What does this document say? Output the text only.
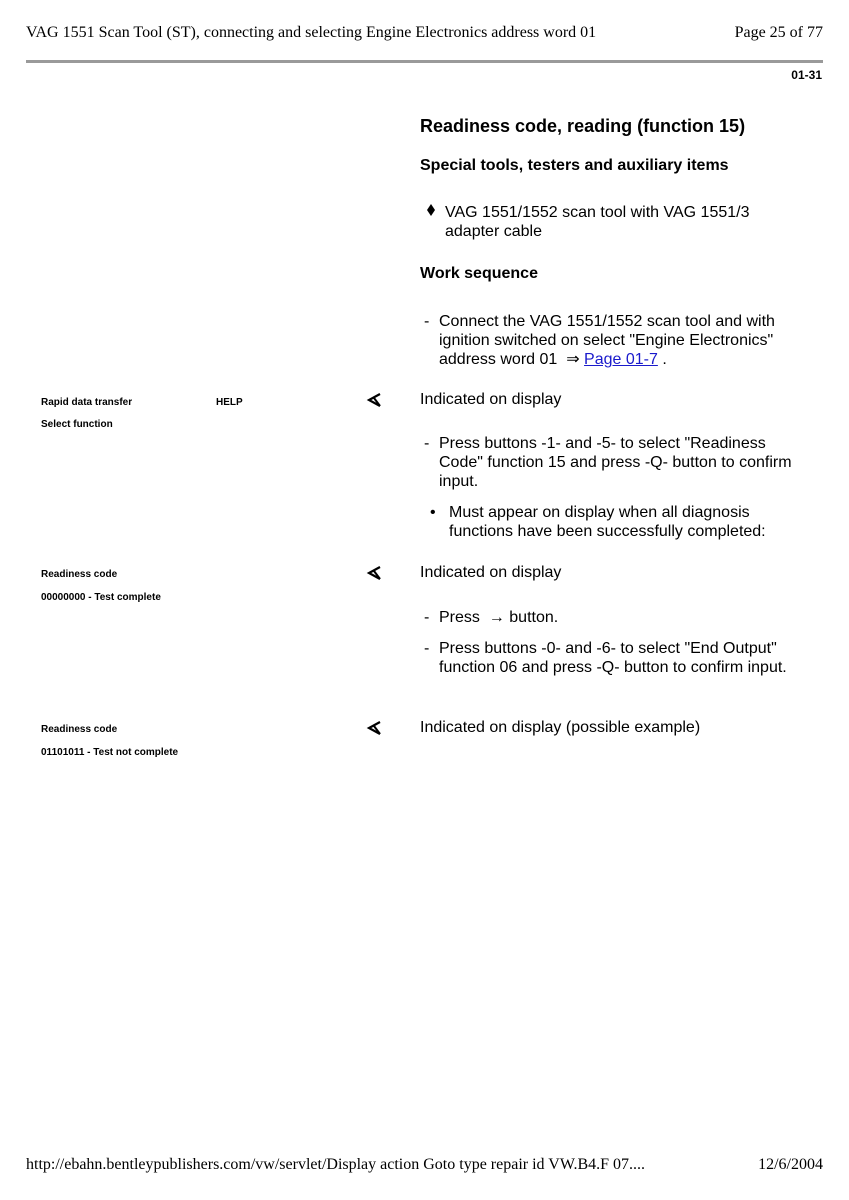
VAG 1551 Scan Tool (ST), connecting and selecting Engine Electronics address word 01	Page 25 of 77
01-31
Readiness code, reading (function 15)
Special tools, testers and auxiliary items
VAG 1551/1552 scan tool with VAG 1551/3 adapter cable
Work sequence
- Connect the VAG 1551/1552 scan tool and with ignition switched on select "Engine Electronics" address word 01  ⇒ Page 01-7 .
Rapid data transfer	HELP
Select function
Indicated on display
- Press buttons -1- and -5- to select "Readiness Code" function 15 and press -Q- button to confirm input.
• Must appear on display when all diagnosis functions have been successfully completed:
Readiness code
00000000 - Test complete
Indicated on display
- Press  → button.
- Press buttons -0- and -6- to select "End Output" function 06 and press -Q- button to confirm input.
Readiness code
01101011 - Test not complete
Indicated on display (possible example)
http://ebahn.bentleypublishers.com/vw/servlet/Display action Goto type repair id VW.B4.F 07....	12/6/2004
